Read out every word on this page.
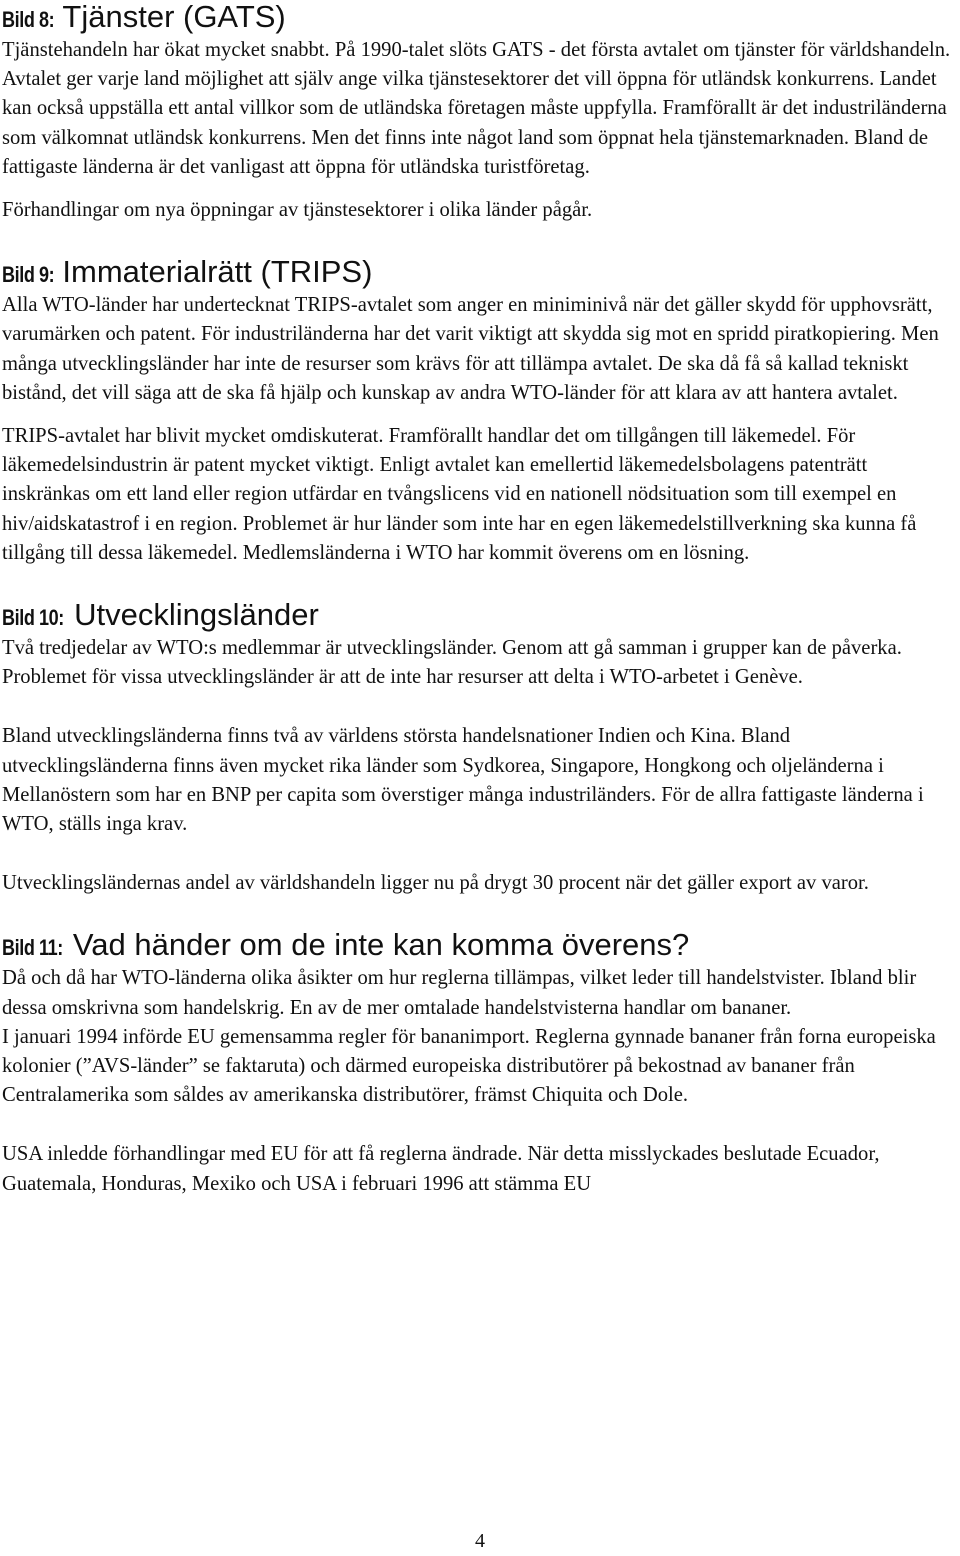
Bild 8: Tjänster (GATS)

Tjänstehandeln har ökat mycket snabbt. På 1990-talet slöts GATS - det första avtalet om tjänster för världshandeln. Avtalet ger varje land möjlighet att själv ange vilka tjänstesektorer det vill öppna för utländsk konkurrens. Landet kan också uppställa ett antal villkor som de utländska företagen måste uppfylla. Framförallt är det industriländerna som välkomnat utländsk konkurrens. Men det finns inte något land som öppnat hela tjänstemarknaden. Bland de fattigaste länderna är det vanligast att öppna för utländska turistföretag.

Förhandlingar om nya öppningar av tjänstesektorer i olika länder pågår.

Bild 9: Immaterialrätt (TRIPS)

Alla WTO-länder har undertecknat TRIPS-avtalet som anger en miniminivå när det gäller skydd för upphovsrätt, varumärken och patent. För industriländerna har det varit viktigt att skydda sig mot en spridd piratkopiering. Men många utvecklingsländer har inte de resurser som krävs för att tillämpa avtalet. De ska då få så kallad tekniskt bistånd, det vill säga att de ska få hjälp och kunskap av andra WTO-länder för att klara av att hantera avtalet.

TRIPS-avtalet har blivit mycket omdiskuterat. Framförallt handlar det om tillgången till läkemedel. För läkemedelsindustrin är patent mycket viktigt. Enligt avtalet kan emellertid läkemedelsbolagens patenträtt inskränkas om ett land eller region utfärdar en tvångslicens vid en nationell nödsituation som till exempel en hiv/aidskatastrof i en region. Problemet är hur länder som inte har en egen läkemedelstillverkning ska kunna få tillgång till dessa läkemedel. Medlemsländerna i WTO har kommit överens om en lösning.

Bild 10: Utvecklingsländer

Två tredjedelar av WTO:s medlemmar är utvecklingsländer. Genom att gå samman i grupper kan de påverka. Problemet för vissa utvecklingsländer är att de inte har resurser att delta i WTO-arbetet i Genève.

Bland utvecklingsländerna finns två av världens största handelsnationer Indien och Kina. Bland utvecklingsländerna finns även mycket rika länder som Sydkorea, Singapore, Hongkong och oljeländerna i Mellanöstern som har en BNP per capita som överstiger många industriländers. För de allra fattigaste länderna i WTO, ställs inga krav.

Utvecklingsländernas andel av världshandeln ligger nu på drygt 30 procent när det gäller export av varor.

Bild 11: Vad händer om de inte kan komma överens?

Då och då har WTO-länderna olika åsikter om hur reglerna tillämpas, vilket leder till handelstvister. Ibland blir dessa omskrivna som handelskrig. En av de mer omtalade handelstvisterna handlar om bananer.

I januari 1994 införde EU gemensamma regler för bananimport. Reglerna gynnade bananer från forna europeiska kolonier (”AVS-länder” se faktaruta) och därmed europeiska distributörer på bekostnad av bananer från Centralamerika som såldes av amerikanska distributörer, främst Chiquita och Dole.

USA inledde förhandlingar med EU för att få reglerna ändrade. När detta misslyckades beslutade Ecuador, Guatemala, Honduras, Mexiko och USA i februari 1996 att stämma EU

4
